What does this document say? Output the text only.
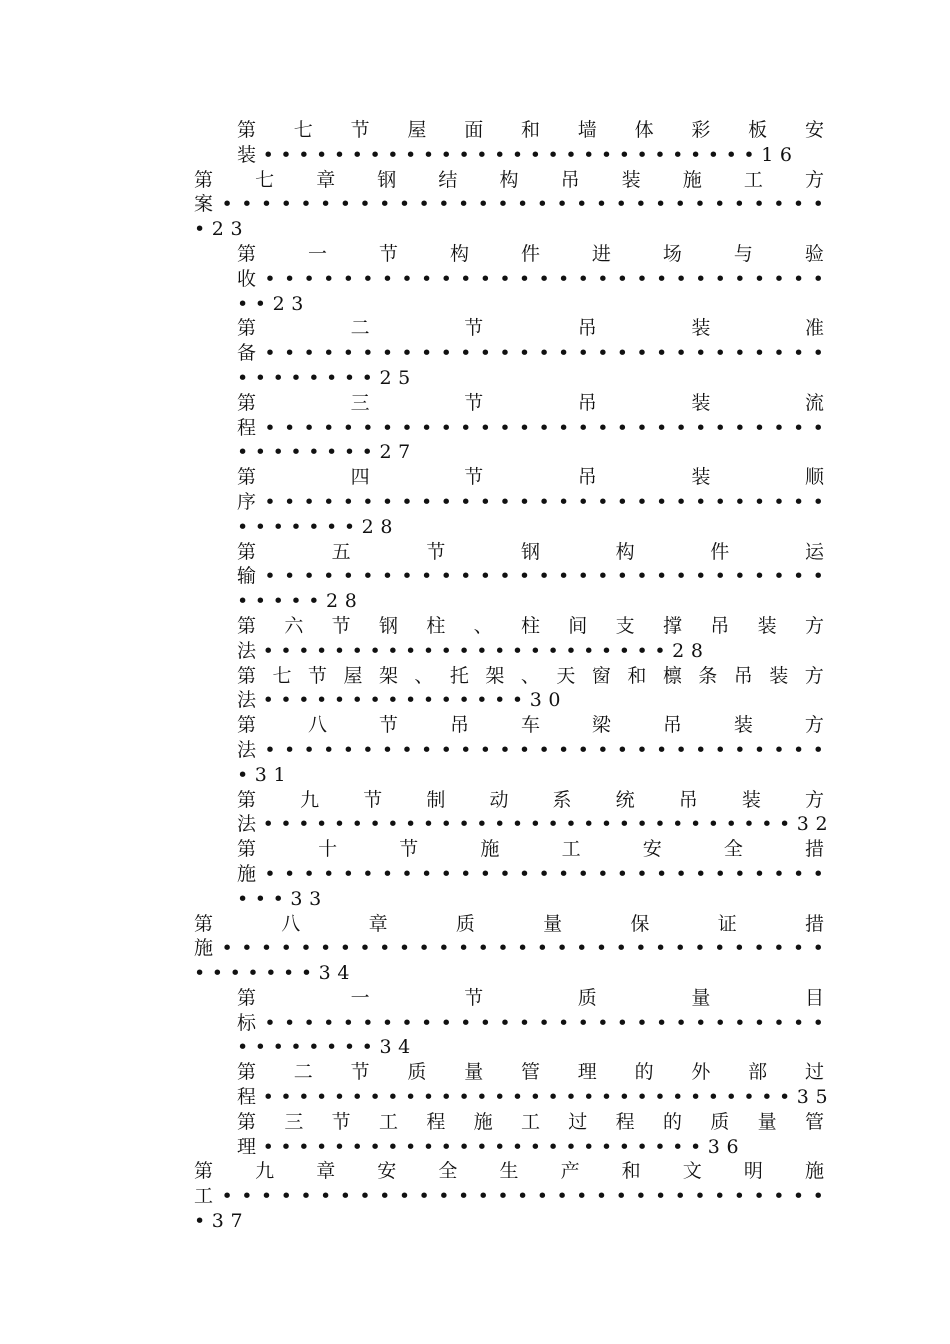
第 七 节 屋 面 和 墙 体 彩 板 安
装••••••••••••••••••••••••••••16
第 七 章 钢 结 构 吊 装 施 工 方
案 • • • • • • • • • • • • • • • • • • • • • • • • • • • • • • •
•23
第	一	节	构	件	进	场	与	验
收 • • • • • • • • • • • • • • • • • • • • • • • • • • • • •
••23
第	二	节	吊	装	准
备 • • • • • • • • • • • • • • • • • • • • • • • • • • • • •
••••••••25
第	三	节	吊	装	流
程 • • • • • • • • • • • • • • • • • • • • • • • • • • • • •
••••••••27
第	四	节	吊	装	顺
序 • • • • • • • • • • • • • • • • • • • • • • • • • • • • •
•••••••28
第	五	节	钢	构	件	运
输 • • • • • • • • • • • • • • • • • • • • • • • • • • • • •
•••••28
第 六 节 钢 柱 、 柱 间 支 撑 吊 装 方
法•••••••••••••••••••••••28
第 七 节 屋 架 、 托 架 、 天 窗 和 檩 条 吊 装 方
法•••••••••••••••30
第	八	节	吊	车	梁	吊	装	方
法 • • • • • • • • • • • • • • • • • • • • • • • • • • • • •
•31
第 九 节 制 动 系 统 吊 装 方
法••••••••••••••••••••••••••••••32
第	十	节	施	工	安	全	措
施 • • • • • • • • • • • • • • • • • • • • • • • • • • • • •
•••33
第	八	章	质	量	保	证	措
施 • • • • • • • • • • • • • • • • • • • • • • • • • • • • • • •
•••••••34
第	一	节	质	量	目
标 • • • • • • • • • • • • • • • • • • • • • • • • • • • • •
••••••••34
第 二 节 质 量 管 理 的 外 部 过
程••••••••••••••••••••••••••••••35
第 三 节 工 程 施 工 过 程 的 质 量 管
理•••••••••••••••••••••••••36
第 九 章 安 全 生 产 和 文 明 施
工 • • • • • • • • • • • • • • • • • • • • • • • • • • • • • • •
•37
